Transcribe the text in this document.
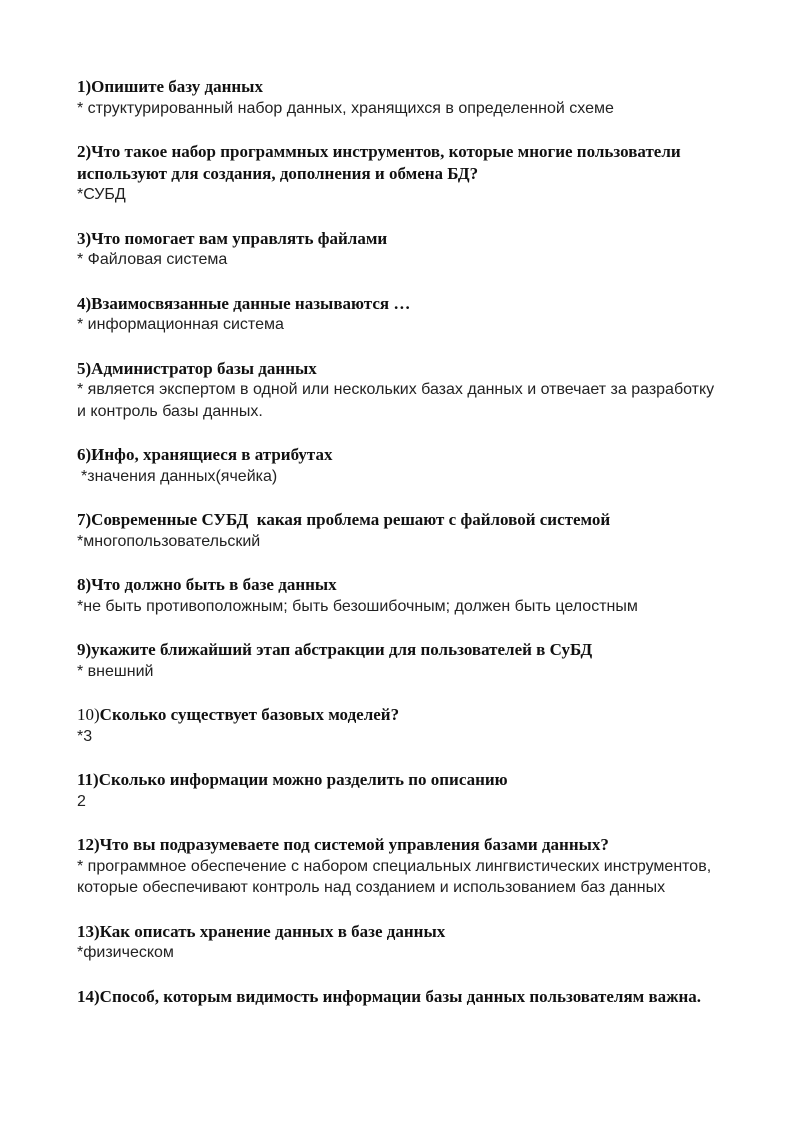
1)Опишите базу данных

* структурированный набор данных, хранящихся в определенной схеме

2)Что такое набор программных инструментов, которые многие пользователи используют для создания, дополнения и обмена БД?

*СУБД

3)Что помогает вам управлять файлами

* Файловая система

4)Взаимосвязанные данные называются …

* информационная система

5)Администратор базы данных

* является экспертом в одной или нескольких базах данных и отвечает за разработку и контроль базы данных.

6)Инфо, хранящиеся в атрибутах

*значения данных(ячейка)

7)Современные СУБД  какая проблема решают с файловой системой

*многопользовательский

8)Что должно быть в базе данных

*не быть противоположным; быть безошибочным; должен быть целостным

9)укажите ближайший этап абстракции для пользователей в СуБД

* внешний

10)Сколько существует базовых моделей?

*3

11)Сколько информации можно разделить по описанию

2

12)Что вы подразумеваете под системой управления базами данных?

* программное обеспечение с набором специальных лингвистических инструментов, которые обеспечивают контроль над созданием и использованием баз данных

13)Как описать хранение данных в базе данных

*физическом

14)Способ, которым видимость информации базы данных пользователям важна.
